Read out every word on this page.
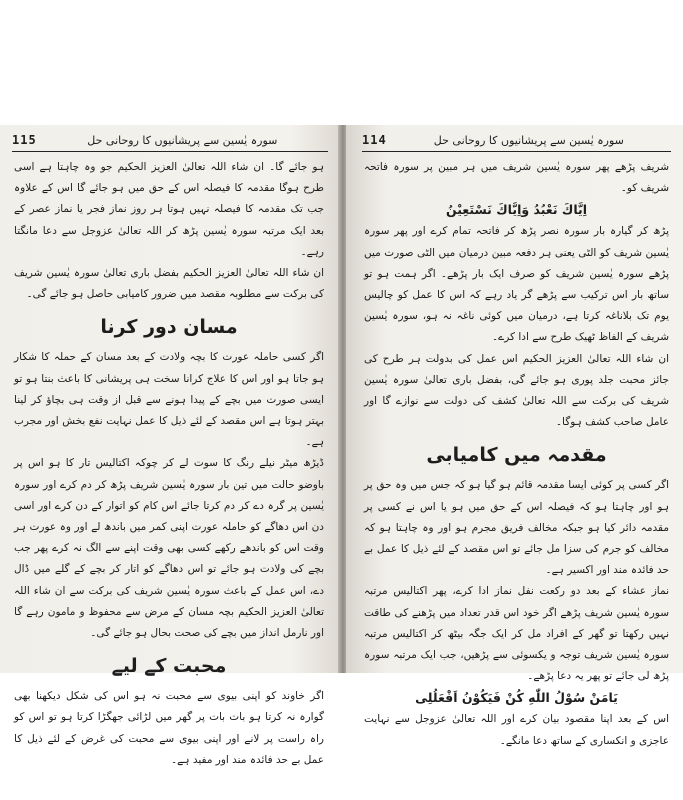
115	سورہ یٰسین سے پریشانیوں کا روحانی حل

ہو جائے گا۔ ان شاء اللہ تعالیٰ العزیز الحکیم جو وہ چاہتا ہے اسی طرح ہوگا مقدمہ کا فیصلہ اس کے حق میں ہو جائے گا اس کے علاوہ جب تک مقدمہ کا فیصلہ نہیں ہوتا ہر روز نماز فجر یا نماز عصر کے بعد ایک مرتبہ سورہ یٰسین پڑھ کر اللہ تعالیٰ عزوجل سے دعا مانگتا رہے۔

ان شاء اللہ تعالیٰ العزیز الحکیم بفضل باری تعالیٰ سورہ یٰسین شریف کی برکت سے مطلوبہ مقصد میں ضرور کامیابی حاصل ہو جائے گی۔

مسان دور کرنا

اگر کسی حاملہ عورت کا بچہ ولادت کے بعد مسان کے حملہ کا شکار ہو جاتا ہو اور اس کا علاج کرانا سخت ہی پریشانی کا باعث بنتا ہو تو ایسی صورت میں بچے کے پیدا ہونے سے قبل از وقت ہی بچاؤ کر لینا بہتر ہوتا ہے اس مقصد کے لئے ذیل کا عمل نہایت نفع بخش اور مجرب ہے۔

ڈیڑھ میٹر نیلے رنگ کا سوت لے کر چوکہ اکتالیس تار کا ہو اس پر باوضو حالت میں تین بار سورہ یٰسین شریف پڑھ کر دم کرے اور سورہ یٰسین پر گرہ دے کر دم کرتا جائے اس کام کو اتوار کے دن کرے اور اسی دن اس دھاگے کو حاملہ عورت اپنی کمر میں باندھ لے اور وہ عورت ہر وقت اس کو باندھے رکھے کسی بھی وقت اپنے سے الگ نہ کرے پھر جب بچے کی ولادت ہو جائے تو اس دھاگے کو اتار کر بچے کے گلے میں ڈال دے، اس عمل کے باعث سورہ یٰسین شریف کی برکت سے ان شاء اللہ تعالیٰ العزیز الحکیم بچہ مسان کے مرض سے محفوظ و مامون رہے گا اور نارمل انداز میں بچے کی صحت بحال ہو جائے گی۔

محبت کے لیے

اگر خاوند کو اپنی بیوی سے محبت نہ ہو اس کی شکل دیکھنا بھی گوارہ نہ کرتا ہو بات بات پر گھر میں لڑائی جھگڑا کرتا ہو تو اس کو راہ راست پر لانے اور اپنی بیوی سے محبت کی غرض کے لئے ذیل کا عمل بے حد فائدہ مند اور مفید ہے۔

114	سورہ یٰسین سے پریشانیوں کا روحانی حل

شریف پڑھے پھر سورہ یٰسین شریف میں ہر مبین پر سورہ فاتحہ شریف کو۔

اِيَّاكَ نَعْبُدُ وَاِيَّاكَ نَسْتَعِيْنُ

پڑھ کر گیارہ بار سورہ نصر پڑھ کر فاتحہ تمام کرے اور پھر سورہ یٰسین شریف کو الٹی یعنی ہر دفعہ مبین درمیان میں الٹی صورت میں پڑھے سورہ یٰسین شریف کو صرف ایک بار پڑھے۔ اگر ہمت ہو تو ساتھ بار اس ترکیب سے پڑھے گر یاد رہے کہ اس کا عمل کو چالیس یوم تک بلاناغہ کرتا ہے، درمیان میں کوئی ناغہ نہ ہو، سورہ یٰسین شریف کے الفاظ ٹھیک طرح سے ادا کرے۔

ان شاء اللہ تعالیٰ العزیز الحکیم اس عمل کی بدولت ہر طرح کی جائز محبت جلد پوری ہو جائے گی، بفضل باری تعالیٰ سورہ یٰسین شریف کی برکت سے اللہ تعالیٰ کشف کی دولت سے نوازے گا اور عامل صاحب کشف ہوگا۔

مقدمہ میں کامیابی

اگر کسی پر کوئی ایسا مقدمہ قائم ہو گیا ہو کہ جس میں وہ حق پر ہو اور چاہتا ہو کہ فیصلہ اس کے حق میں ہو یا اس نے کسی پر مقدمہ دائر کیا ہو جبکہ مخالف فریق مجرم ہو اور وہ چاہتا ہو کہ مخالف کو جرم کی سزا مل جائے تو اس مقصد کے لئے ذیل کا عمل بے حد فائدہ مند اور اکسیر ہے۔

نماز عشاء کے بعد دو رکعت نفل نماز ادا کرے، پھر اکتالیس مرتبہ سورہ یٰسین شریف پڑھے اگر خود اس قدر تعداد میں پڑھنے کی طاقت نہیں رکھتا تو گھر کے افراد مل کر ایک جگہ بیٹھ کر اکتالیس مرتبہ سورہ یٰسین شریف توجہ و یکسوئی سے پڑھیں، جب ایک مرتبہ سورہ پڑھ لی جائے تو پھر یہ دعا پڑھے۔

يَامَنْ سُوْلُ اللّٰهِ كُنْ فَيَكُوْنُ اَفْعَلُلِی

اس کے بعد اپنا مقصود بیان کرے اور اللہ تعالیٰ عزوجل سے نہایت عاجزی و انکساری کے ساتھ دعا مانگے۔
